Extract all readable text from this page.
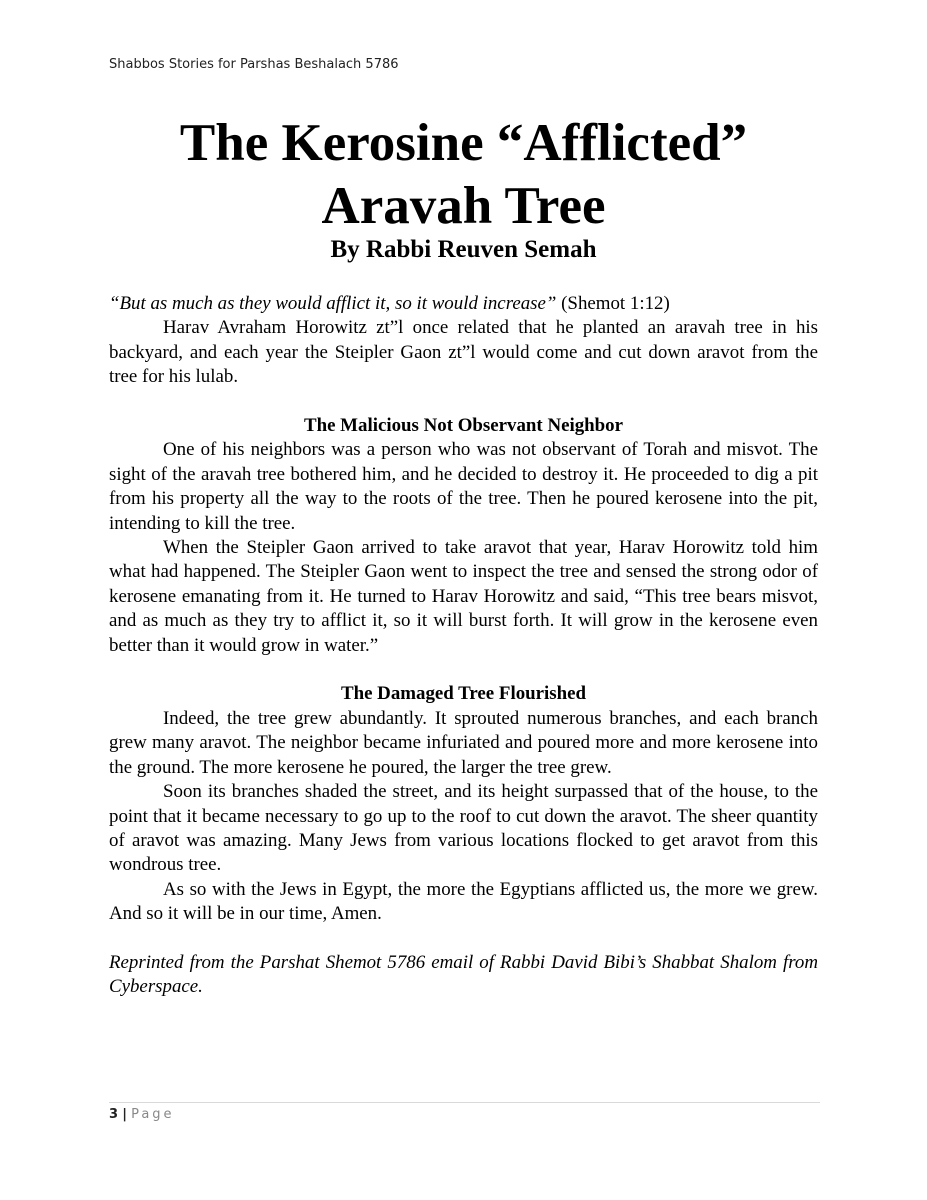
Shabbos Stories for Parshas Beshalach 5786
The Kerosine “Afflicted”
Aravah Tree
By Rabbi Reuven Semah

“But as much as they would afflict it, so it would increase” (Shemot 1:12)

Harav Avraham Horowitz zt”l once related that he planted an aravah tree in his backyard, and each year the Steipler Gaon zt”l would come and cut down aravot from the tree for his lulab.

The Malicious Not Observant Neighbor

One of his neighbors was a person who was not observant of Torah and misvot. The sight of the aravah tree bothered him, and he decided to destroy it. He proceeded to dig a pit from his property all the way to the roots of the tree. Then he poured kerosene into the pit, intending to kill the tree.

When the Steipler Gaon arrived to take aravot that year, Harav Horowitz told him what had happened. The Steipler Gaon went to inspect the tree and sensed the strong odor of kerosene emanating from it. He turned to Harav Horowitz and said, “This tree bears misvot, and as much as they try to afflict it, so it will burst forth. It will grow in the kerosene even better than it would grow in water.”

The Damaged Tree Flourished

Indeed, the tree grew abundantly. It sprouted numerous branches, and each branch grew many aravot. The neighbor became infuriated and poured more and more kerosene into the ground. The more kerosene he poured, the larger the tree grew.

Soon its branches shaded the street, and its height surpassed that of the house, to the point that it became necessary to go up to the roof to cut down the aravot. The sheer quantity of aravot was amazing. Many Jews from various locations flocked to get aravot from this wondrous tree.

As so with the Jews in Egypt, the more the Egyptians afflicted us, the more we grew. And so it will be in our time, Amen.

Reprinted from the Parshat Shemot 5786 email of Rabbi David Bibi’s Shabbat Shalom from Cyberspace.

3 | Page
